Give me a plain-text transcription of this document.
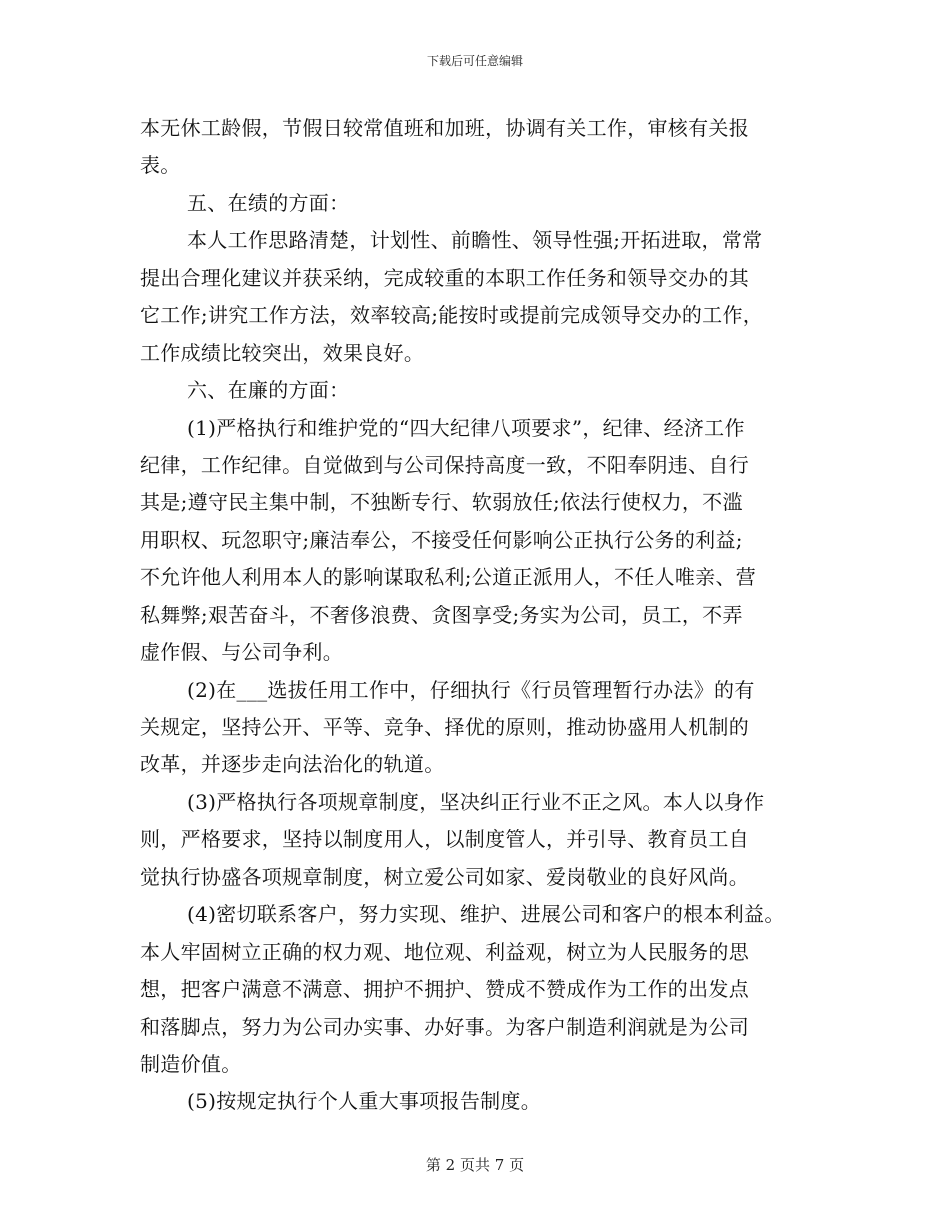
下载后可任意编辑
本无休工龄假，节假日较常值班和加班，协调有关工作，审核有关报
表。
五、在绩的方面：
本人工作思路清楚，计划性、前瞻性、领导性强;开拓进取，常常
提出合理化建议并获采纳，完成较重的本职工作任务和领导交办的其
它工作;讲究工作方法，效率较高;能按时或提前完成领导交办的工作，
工作成绩比较突出，效果良好。
六、在廉的方面：
(1)严格执行和维护党的“四大纪律八项要求”，纪律、经济工作
纪律，工作纪律。自觉做到与公司保持高度一致，不阳奉阴违、自行
其是;遵守民主集中制，不独断专行、软弱放任;依法行使权力，不滥
用职权、玩忽职守;廉洁奉公，不接受任何影响公正执行公务的利益;
不允许他人利用本人的影响谋取私利;公道正派用人，不任人唯亲、营
私舞弊;艰苦奋斗，不奢侈浪费、贪图享受;务实为公司，员工，不弄
虚作假、与公司争利。
(2)在___选拔任用工作中，仔细执行《行员管理暂行办法》的有
关规定，坚持公开、平等、竞争、择优的原则，推动协盛用人机制的
改革，并逐步走向法治化的轨道。
(3)严格执行各项规章制度，坚决纠正行业不正之风。本人以身作
则，严格要求，坚持以制度用人，以制度管人，并引导、教育员工自
觉执行协盛各项规章制度，树立爱公司如家、爱岗敬业的良好风尚。
(4)密切联系客户，努力实现、维护、进展公司和客户的根本利益。
本人牢固树立正确的权力观、地位观、利益观，树立为人民服务的思
想，把客户满意不满意、拥护不拥护、赞成不赞成作为工作的出发点
和落脚点，努力为公司办实事、办好事。为客户制造利润就是为公司
制造价值。
(5)按规定执行个人重大事项报告制度。
第 2 页共 7 页
